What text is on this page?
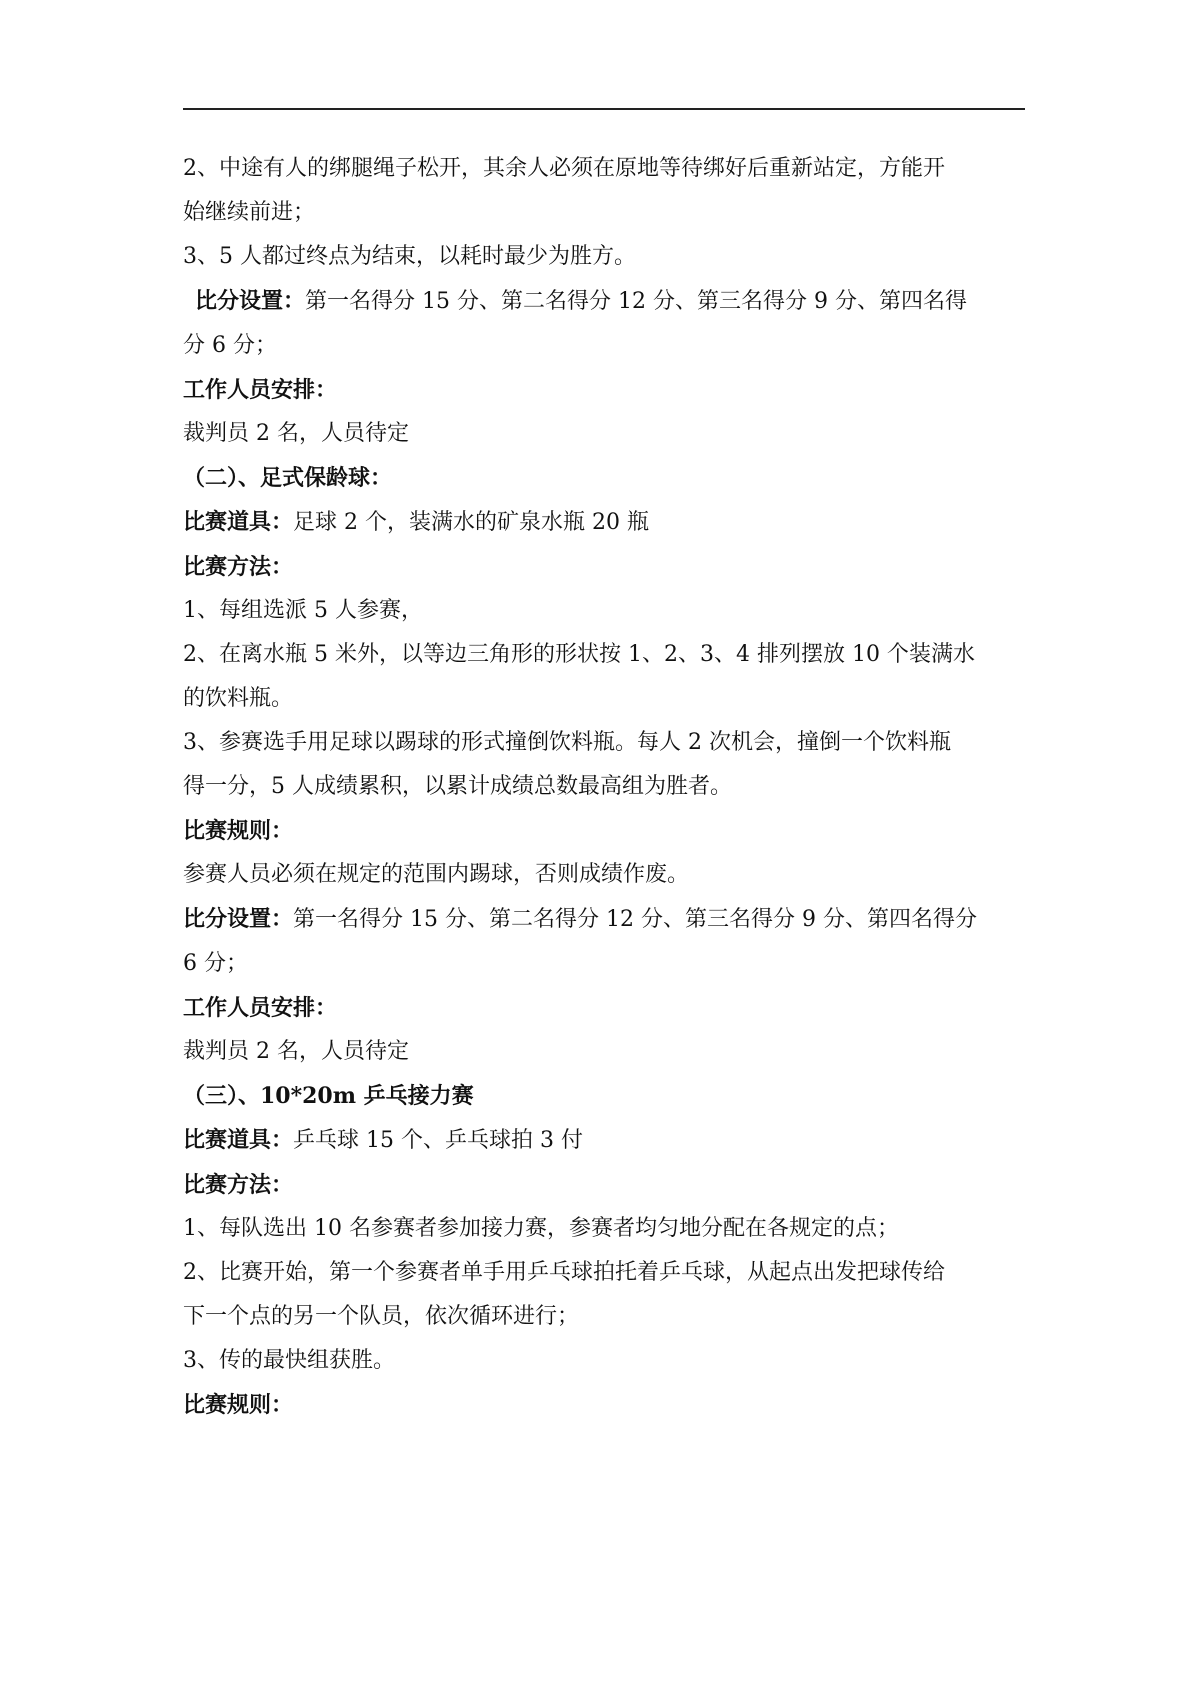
2、中途有人的绑腿绳子松开，其余人必须在原地等待绑好后重新站定，方能开

始继续前进；

3、5 人都过终点为结束，以耗时最少为胜方。

比分设置：第一名得分 15 分、第二名得分 12 分、第三名得分 9 分、第四名得

分 6 分；

工作人员安排：

裁判员 2 名，人员待定

（二）、足式保龄球：

比赛道具：足球 2 个，装满水的矿泉水瓶 20 瓶

比赛方法：

1、每组选派 5 人参赛，

2、在离水瓶 5 米外，以等边三角形的形状按 1、2、3、4 排列摆放 10 个装满水

的饮料瓶。

3、参赛选手用足球以踢球的形式撞倒饮料瓶。每人 2 次机会，撞倒一个饮料瓶

得一分，5 人成绩累积，以累计成绩总数最高组为胜者。

比赛规则：

参赛人员必须在规定的范围内踢球，否则成绩作废。

比分设置：第一名得分 15 分、第二名得分 12 分、第三名得分 9 分、第四名得分

6 分；

工作人员安排：

裁判员 2 名，人员待定

（三）、10*20m 乒乓接力赛

比赛道具：乒乓球 15 个、乒乓球拍 3 付

比赛方法：

1、每队选出 10 名参赛者参加接力赛，参赛者均匀地分配在各规定的点；

2、比赛开始，第一个参赛者单手用乒乓球拍托着乒乓球，从起点出发把球传给

下一个点的另一个队员，依次循环进行；

3、传的最快组获胜。

比赛规则：
